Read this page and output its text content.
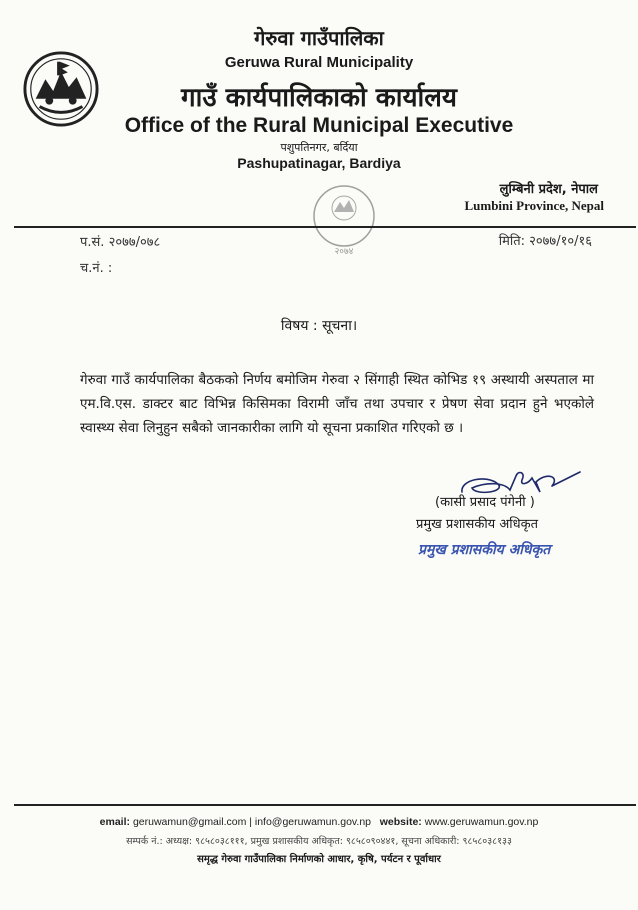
गेरुवा गाउँपालिका
Geruwa Rural Municipality
गाउँ कार्यपालिकाको कार्यालय
Office of the Rural Municipal Executive
पशुपतिनगर, बर्दिया
Pashupatinagar, Bardiya
लुम्बिनी प्रदेश, नेपाल
Lumbini Province, Nepal
२०७४
प.सं. २०७७/०७८
च.नं. :
मिति: २०७७/१०/१६
विषय : सूचना।
गेरुवा गाउँ कार्यपालिका बैठकको निर्णय बमोजिम गेरुवा २ सिंगाही स्थित कोभिड १९ अस्थायी अस्पताल मा एम.वि.एस. डाक्टर बाट विभिन्न किसिमका विरामी जाँच तथा उपचार र प्रेषण सेवा प्रदान हुने भएकोले स्वास्थ्य सेवा लिनुहुन सबैको जानकारीका लागि यो सूचना प्रकाशित गरिएको छ ।
(कासी प्रसाद पंगेनी )
प्रमुख प्रशासकीय अधिकृत
प्रमुख प्रशासकीय अधिकृत
email: geruwamun@gmail.com | info@geruwamun.gov.np website: www.geruwamun.gov.np
सम्पर्क नं.: अध्यक्ष: ९८५८०३८१११, प्रमुख प्रशासकीय अधिकृत: ९८५८०९०४४१, सूचना अधिकारी: ९८५८०३८१३३
समृद्ध गेरुवा गाउँपालिका निर्माणको आधार, कृषि, पर्यटन र पूर्वाधार
